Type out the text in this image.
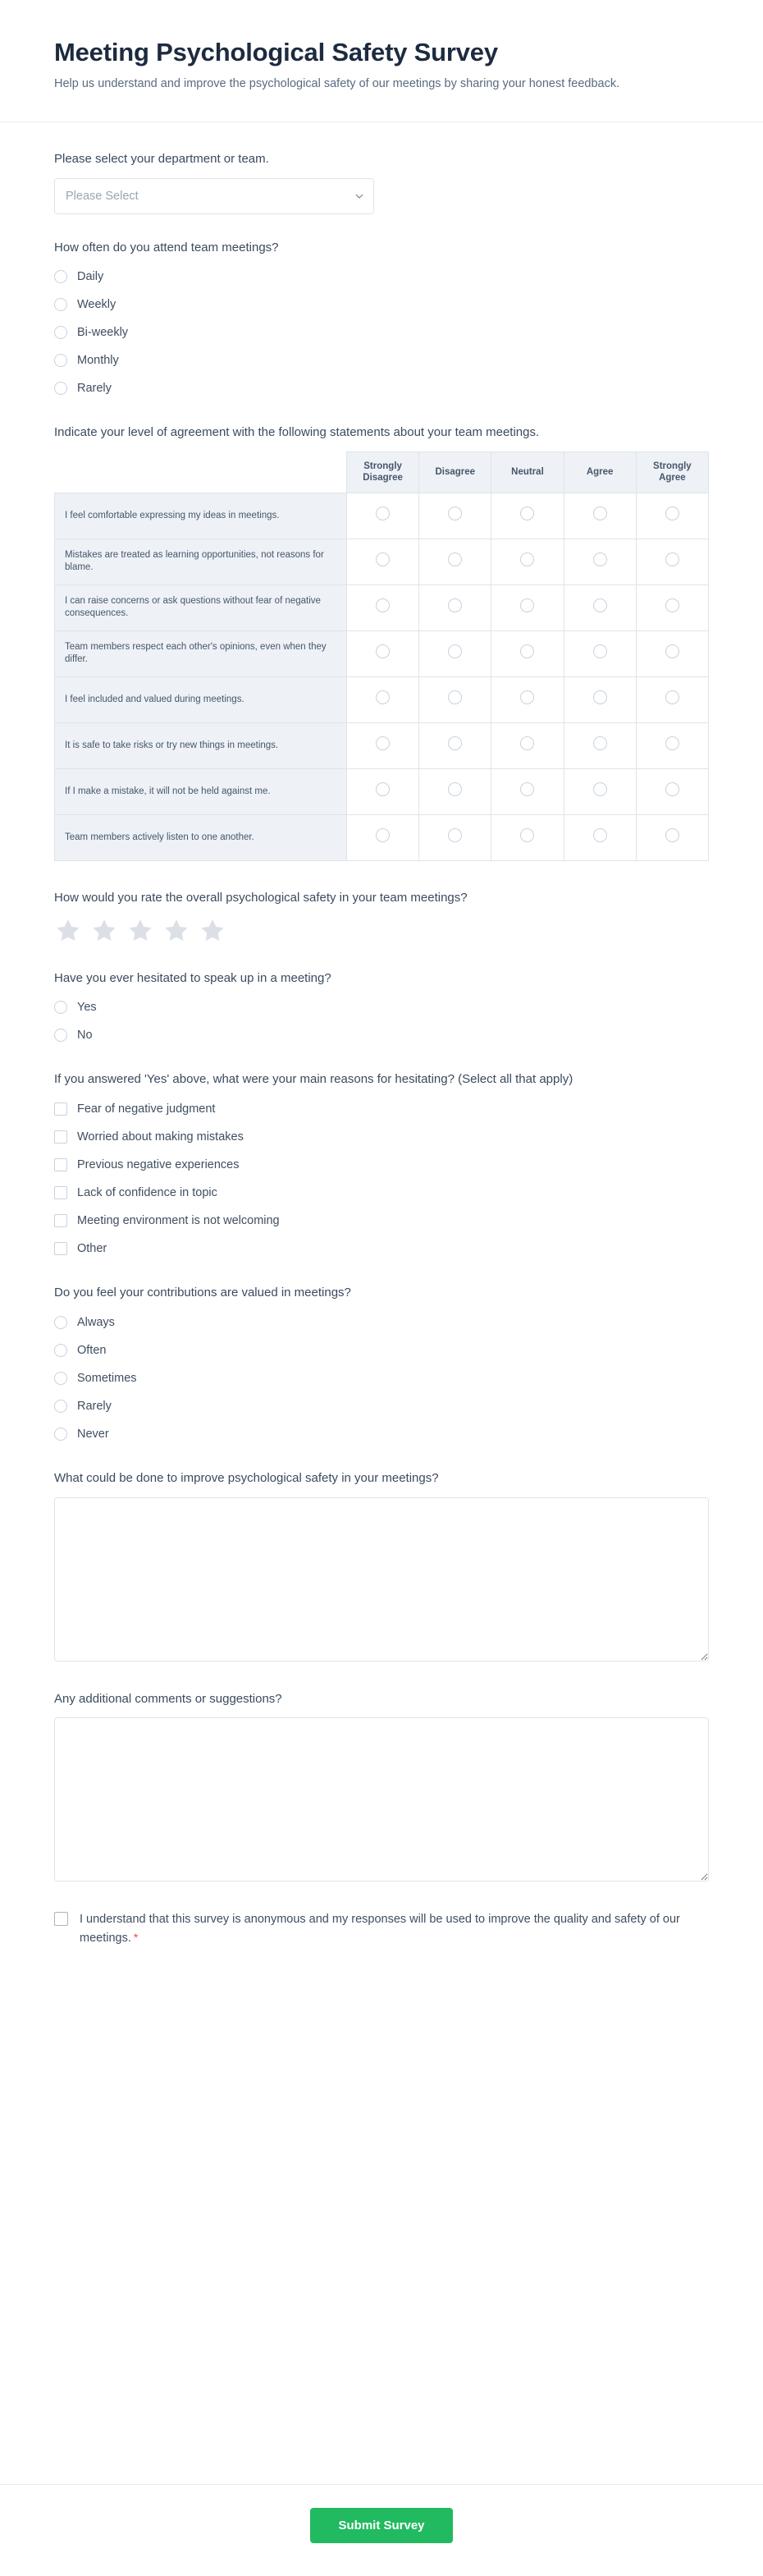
Meeting Psychological Safety Survey

Help us understand and improve the psychological safety of our meetings by sharing your honest feedback.

Please select your department or team.
Please Select
How often do you attend team meetings?
Daily
Weekly
Bi-weekly
Monthly
Rarely
Indicate your level of agreement with the following statements about your team meetings.
	Strongly Disagree	Disagree	Neutral	Agree	Strongly Agree
I feel comfortable expressing my ideas in meetings.					
Mistakes are treated as learning opportunities, not reasons for blame.					
I can raise concerns or ask questions without fear of negative consequences.					
Team members respect each other's opinions, even when they differ.					
I feel included and valued during meetings.					
It is safe to take risks or try new things in meetings.					
If I make a mistake, it will not be held against me.					
Team members actively listen to one another.					
How would you rate the overall psychological safety in your team meetings?
Have you ever hesitated to speak up in a meeting?
Yes
No
If you answered 'Yes' above, what were your main reasons for hesitating? (Select all that apply)
Fear of negative judgment
Worried about making mistakes
Previous negative experiences
Lack of confidence in topic
Meeting environment is not welcoming
Other
Do you feel your contributions are valued in meetings?
Always
Often
Sometimes
Rarely
Never
What could be done to improve psychological safety in your meetings?
Any additional comments or suggestions?
I understand that this survey is anonymous and my responses will be used to improve the quality and safety of our meetings. *
Submit Survey
